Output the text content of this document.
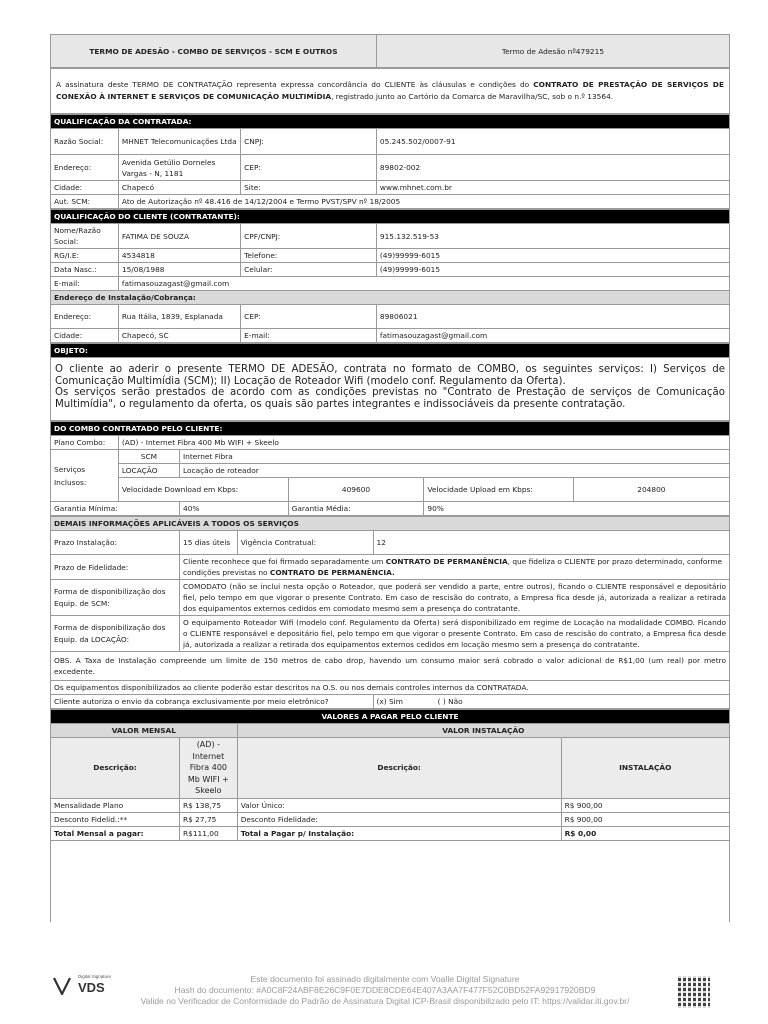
TERMO DE ADESÃO - COMBO DE SERVIÇOS - SCM E OUTROS	Termo de Adesão nº479215
A assinatura deste TERMO DE CONTRATAÇÃO representa expressa concordância do CLIENTE às cláusulas e condições do CONTRATO DE PRESTAÇÃO DE SERVIÇOS DE CONEXÃO À INTERNET E SERVIÇOS DE COMUNICAÇÃO MULTIMÍDIA, registrado junto ao Cartório da Comarca de Maravilha/SC, sob o n.º 13564.
QUALIFICAÇÃO DA CONTRATADA:			
Razão Social:	MHNET Telecomunicações Ltda	CNPJ:	05.245.502/0007-91
Endereço:	Avenida Getúlio Dorneles Vargas - N, 1181	CEP:	89802-002
Cidade:	Chapecó	Site:	www.mhnet.com.br
Aut. SCM:	Ato de Autorização nº 48.416 de 14/12/2004 e Termo PVST/SPV nº 18/2005		
QUALIFICAÇÃO DO CLIENTE (CONTRATANTE):			
Nome/Razão Social:	FATIMA DE SOUZA	CPF/CNPJ:	915.132.519-53
RG/I.E:	4534818	Telefone:	(49)99999-6015
Data Nasc.:	15/08/1988	Celular:	(49)99999-6015
E-mail:	fatimasouzagast@gmail.com		
Endereço de Instalação/Cobrança:			
Endereço:	Rua Itália, 1839, Esplanada	CEP:	89806021
Cidade:	Chapecó, SC	E-mail:	fatimasouzagast@gmail.com
OBJETO:

O cliente ao aderir o presente TERMO DE ADESÃO, contrata no formato de COMBO, os seguintes serviços: I) Serviços de Comunicação Multimídia (SCM); II) Locação de Roteador Wifi (modelo conf. Regulamento da Oferta).
Os serviços serão prestados de acordo com as condições previstas no "Contrato de Prestação de serviços de Comunicação Multimídia", o regulamento da oferta, os quais são partes integrantes e indissociáveis da presente contratação.
DO COMBO CONTRATADO PELO CLIENTE:					
Plano Combo:	(AD) - Internet Fibra 400 Mb WIFI + Skeelo				
Serviços Inclusos:	SCM	Internet Fibra			
	LOCAÇÃO	Locação de roteador			
	Velocidade Download em Kbps:		409600	Velocidade Upload em Kbps:	204800
Garantia Mínima:		40%	Garantia Média:	90%	
DEMAIS INFORMAÇÕES APLICÁVEIS A TODOS OS SERVIÇOS			
Prazo Instalação:	15 dias úteis	Vigência Contratual:	12
Prazo de Fidelidade:	Cliente reconhece que foi firmado separadamente um CONTRATO DE PERMANÊNCIA, que fideliza o CLIENTE por prazo determinado, conforme condições previstas no CONTRATO DE PERMANÊNCIA.		
Forma de disponibilização dos Equip. de SCM:	COMODATO (não se inclui nesta opção o Roteador, que poderá ser vendido a parte, entre outros), ficando o CLIENTE responsável e depositário fiel, pelo tempo em que vigorar o presente Contrato. Em caso de rescisão do contrato, a Empresa fica desde já, autorizada a realizar a retirada dos equipamentos externos cedidos em comodato mesmo sem a presença do contratante.		
Forma de disponibilização dos Equip. da LOCAÇÃO:	O equipamento Roteador Wifi (modelo conf. Regulamento da Oferta) será disponibilizado em regime de Locação na modalidade COMBO. Ficando o CLIENTE responsável e depositário fiel, pelo tempo em que vigorar o presente Contrato. Em caso de rescisão do contrato, a Empresa fica desde já, autorizada a realizar a retirada dos equipamentos externos cedidos em locação mesmo sem a presença do contratante.		
OBS. A Taxa de Instalação compreende um limite de 150 metros de cabo drop, havendo um consumo maior será cobrado o valor adicional de R$1,00 (um real) por metro excedente.			
Os equipamentos disponibilizados ao cliente poderão estar descritos na O.S. ou nos demais controles internos da CONTRATADA.			
Cliente autoriza o envio da cobrança exclusivamente por meio eletrônico?			(x) Sim ( ) Não
VALORES A PAGAR PELO CLIENTE			
VALOR MENSAL		VALOR INSTALAÇÃO	
Descrição:	(AD) - Internet Fibra 400 Mb WIFI + Skeelo	Descrição:	INSTALAÇÃO
Mensalidade Plano	R$ 138,75	Valor Único:	R$ 900,00
Desconto Fidelid.:**	R$ 27,75	Desconto Fidelidade:	R$ 900,00
Total Mensal a pagar:	R$111,00	Total a Pagar p/ Instalação:	R$ 0,00
Digital Signature
VDS
Este documento foi assinado digitalmente com Voalle Digital Signature
Hash do documento: #A0C8F24ABF8E26C9F0E7DDE8CDE64E407A3AA7F477F52C0BD52FA92917920BD9
Valide no Verificador de Conformidade do Padrão de Assinatura Digital ICP-Brasil disponibilizado pelo IT: https://validar.iti.gov.br/
